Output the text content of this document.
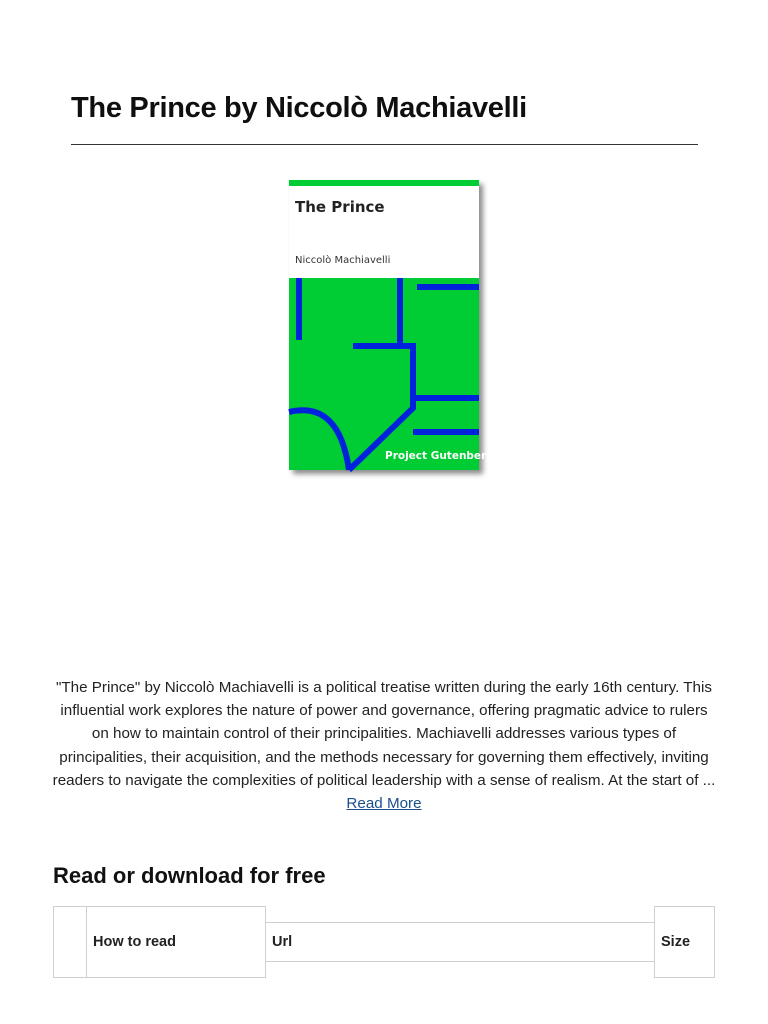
The Prince by Niccolò Machiavelli
The Prince
Niccolò Machiavelli
Project Gutenberg

"The Prince" by Niccolò Machiavelli is a political treatise written during the early 16th century. This influential work explores the nature of power and governance, offering pragmatic advice to rulers on how to maintain control of their principalities. Machiavelli addresses various types of principalities, their acquisition, and the methods necessary for governing them effectively, inviting readers to navigate the complexities of political leadership with a sense of realism. At the start of ... Read More

Read or download for free
How to read	Url	Size
